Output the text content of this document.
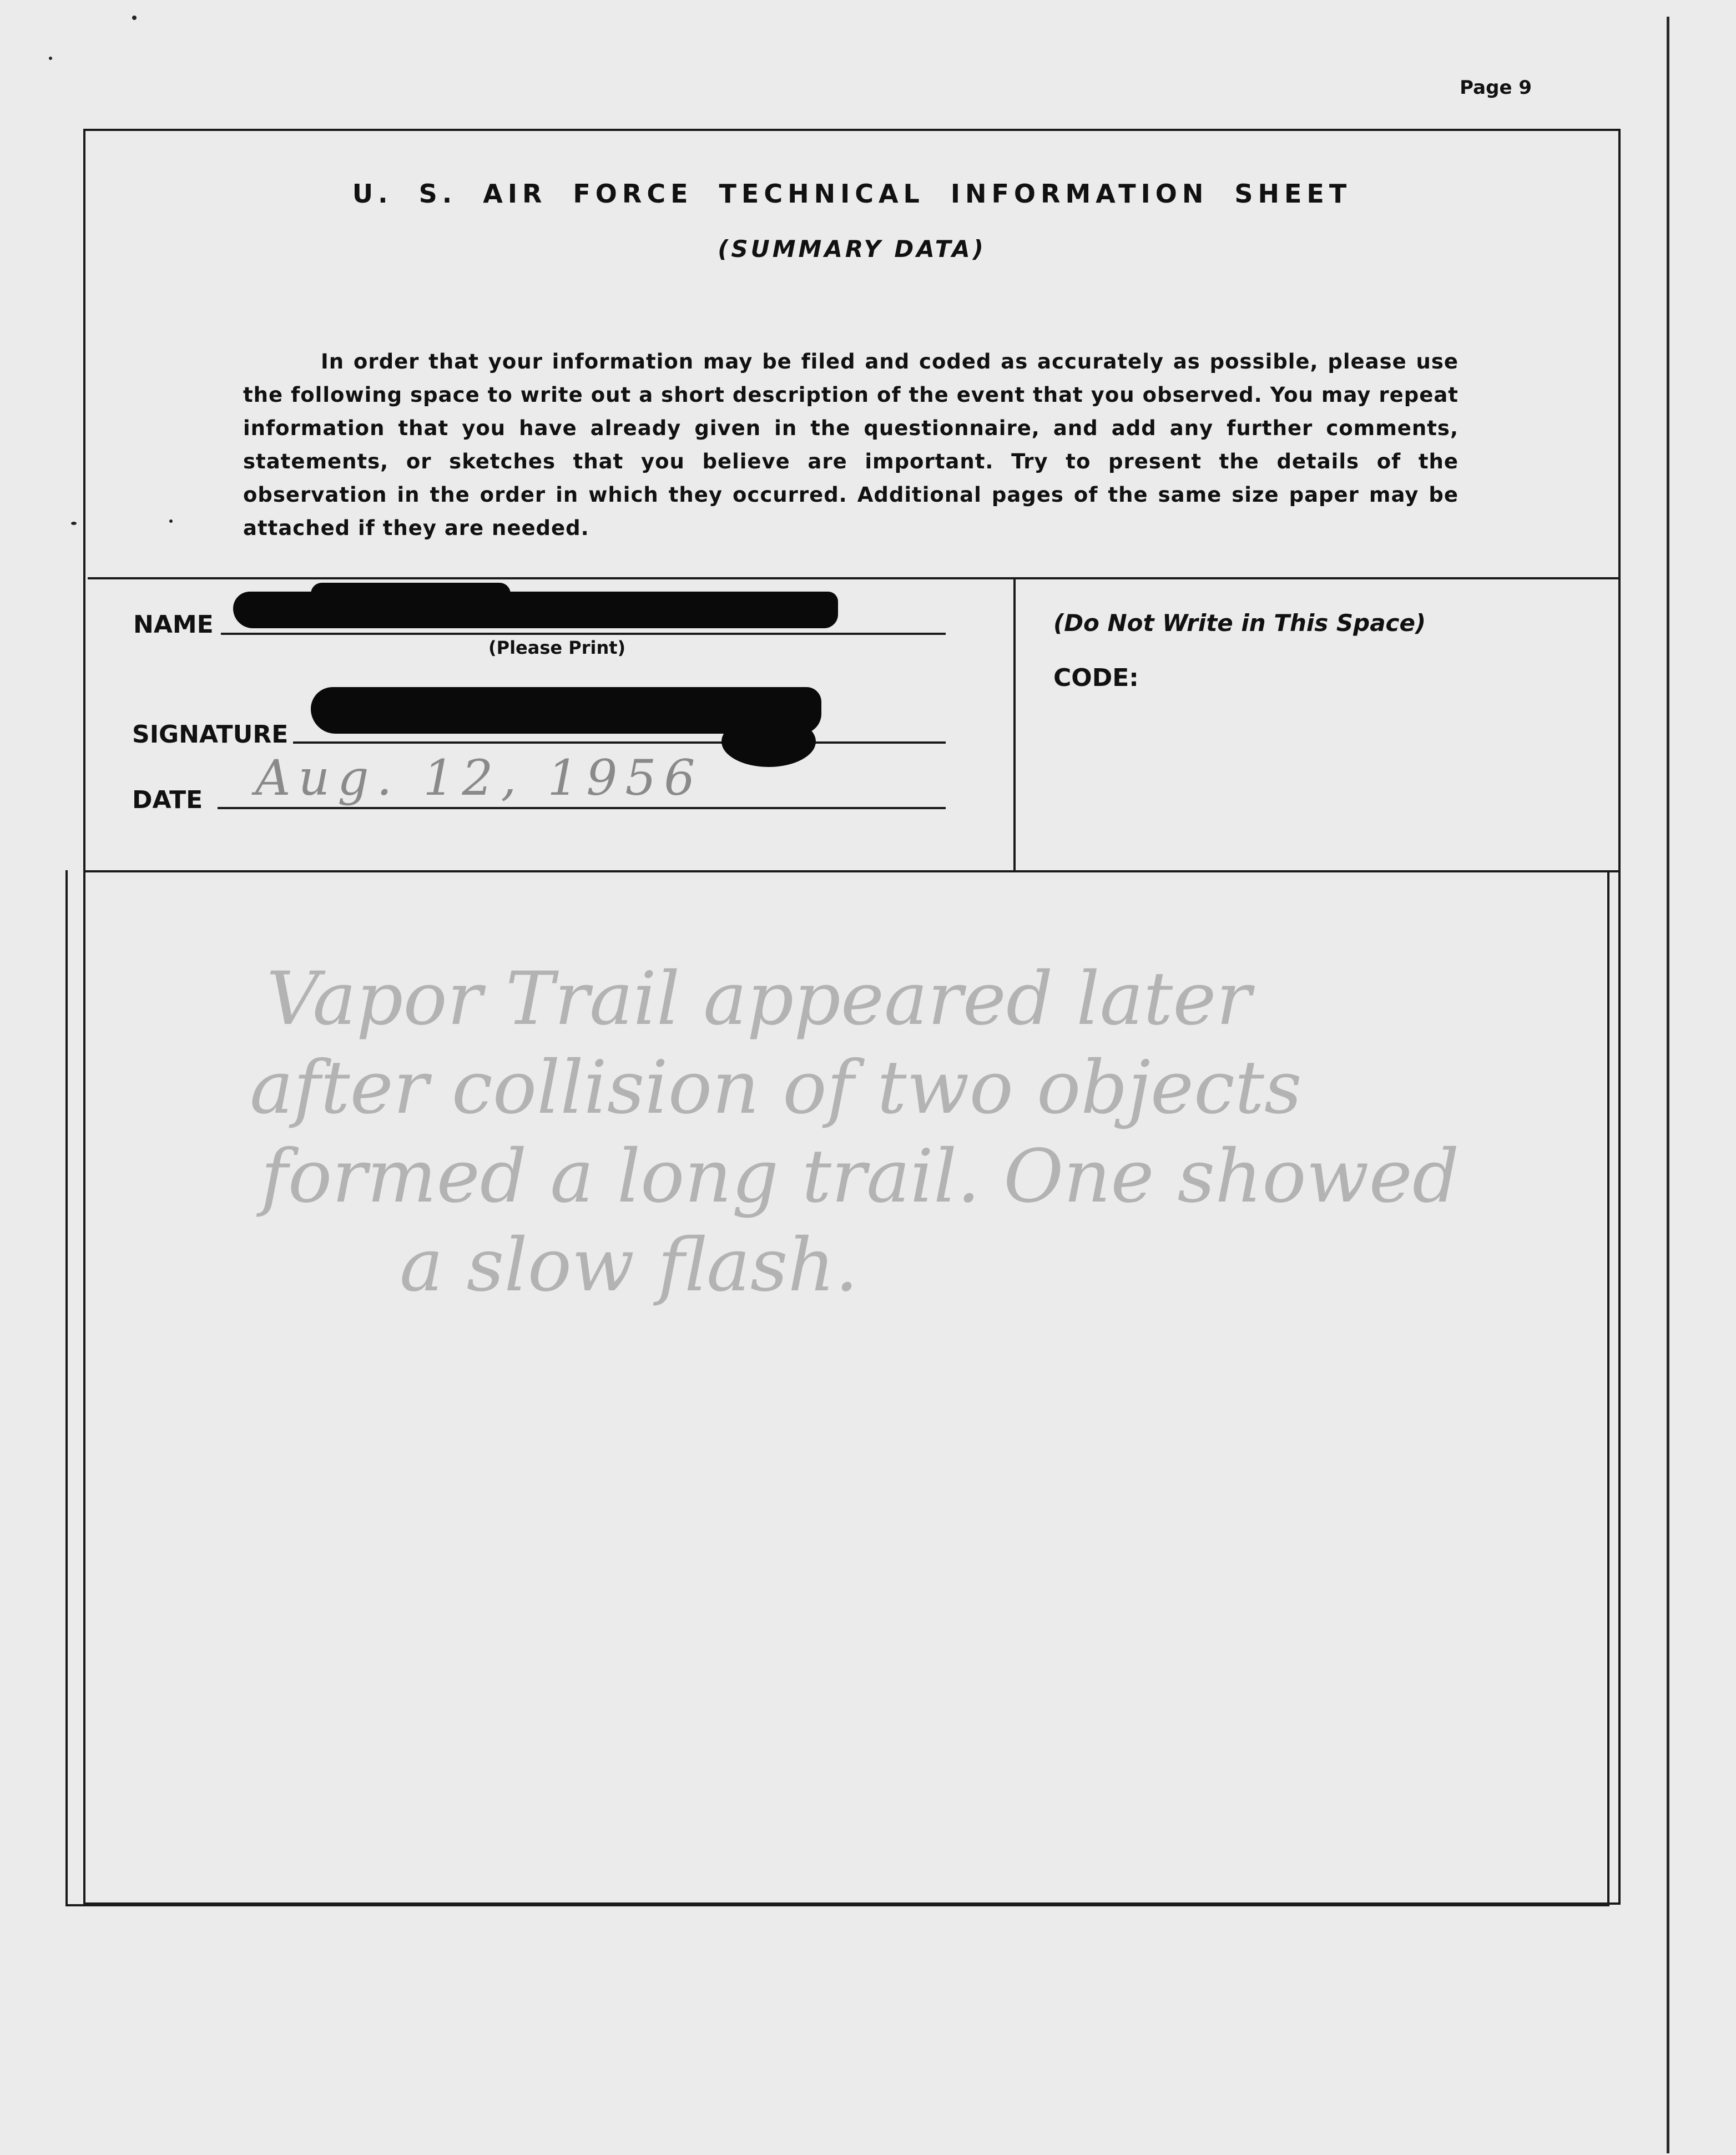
Page 9
U. S. AIR FORCE TECHNICAL INFORMATION SHEET
(SUMMARY DATA)
In order that your information may be filed and coded as accurately as possible, please use the following space to write out a short description of the event that you observed. You may repeat information that you have already given in the questionnaire, and add any further comments, statements, or sketches that you believe are important. Try to present the details of the observation in the order in which they occurred. Additional pages of the same size paper may be attached if they are needed.
NAME
(Please Print)
SIGNATURE
DATE Aug. 12, 1956
(Do Not Write in This Space)
CODE:
Vapor Trail appeared later
after collision of two objects
formed a long trail. One showed
a slow flash.
